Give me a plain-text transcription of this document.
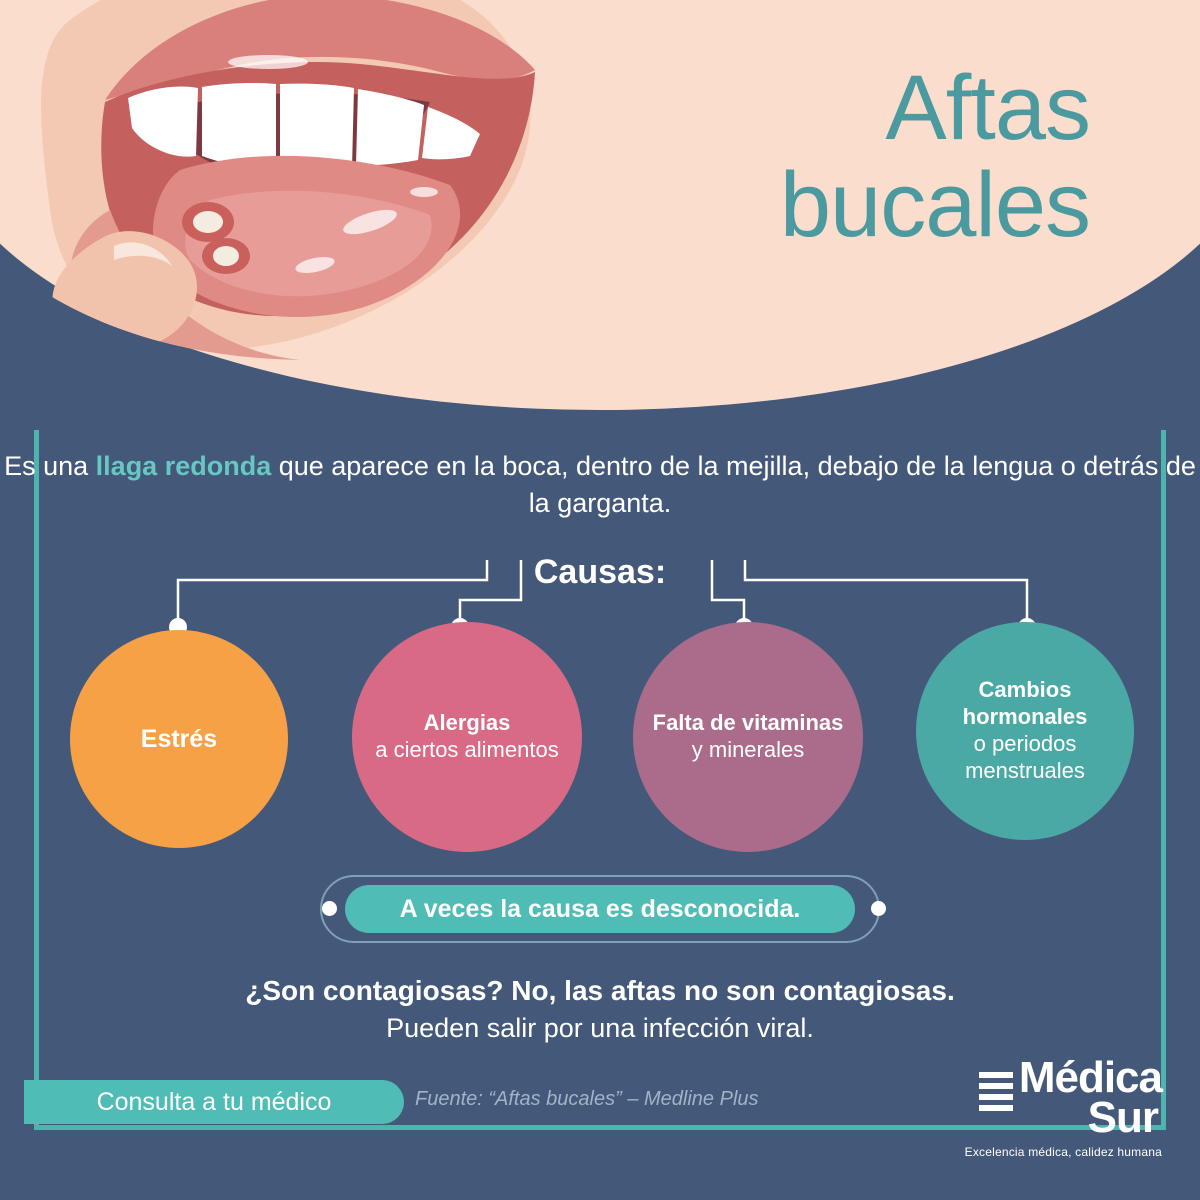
Aftas
bucales
Es una llaga redonda que aparece en la boca, dentro de la mejilla, debajo de la lengua o detrás de la garganta.
Causas:
Estrés
Alergias
a ciertos alimentos
Falta de vitaminas y minerales
Cambios hormonales
o periodos menstruales
A veces la causa es desconocida.
¿Son contagiosas? No, las aftas no son contagiosas.
Pueden salir por una infección viral.
Consulta a tu médico	Fuente: “Aftas bucales” – Medline Plus	Médica
Sur
Excelencia médica, calidez humana
